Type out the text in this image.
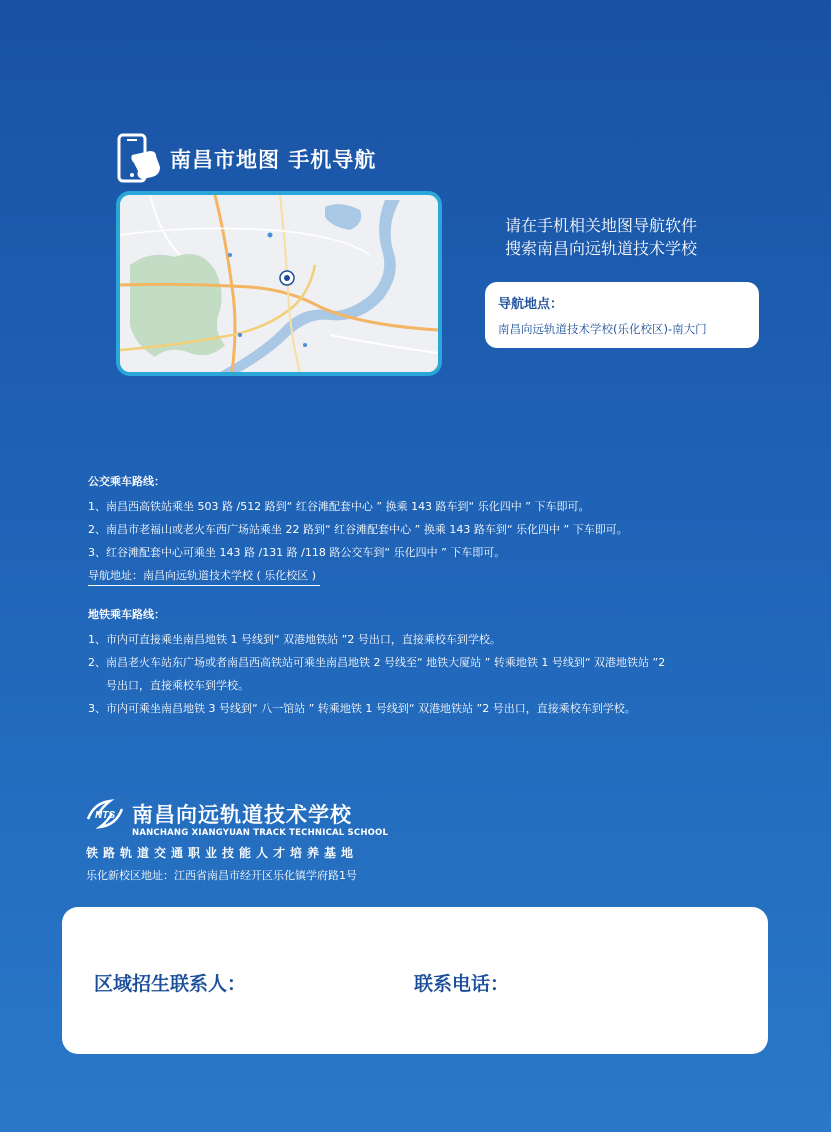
南昌市地图 手机导航
请在手机相关地图导航软件
搜索南昌向远轨道技术学校
导航地点：
南昌向远轨道技术学校(乐化校区)-南大门
公交乘车路线：
1、南昌西高铁站乘坐 503 路 /512 路到“ 红谷滩配套中心 ” 换乘 143 路车到“ 乐化四中 ” 下车即可。
2、南昌市老福山或老火车西广场站乘坐 22 路到“ 红谷滩配套中心 ” 换乘 143 路车到“ 乐化四中 ” 下车即可。
3、红谷滩配套中心可乘坐 143 路 /131 路 /118 路公交车到“ 乐化四中 ” 下车即可。
导航地址：南昌向远轨道技术学校 ( 乐化校区 )
地铁乘车路线：
1、市内可直接乘坐南昌地铁 1 号线到“ 双港地铁站 ”2 号出口，直接乘校车到学校。
2、南昌老火车站东广场或者南昌西高铁站可乘坐南昌地铁 2 号线至“ 地铁大厦站 ” 转乘地铁 1 号线到“ 双港地铁站 ”2
号出口，直接乘校车到学校。
3、市内可乘坐南昌地铁 3 号线到“ 八一馆站 ” 转乘地铁 1 号线到“ 双港地铁站 ”2 号出口，直接乘校车到学校。
NTS 南昌向远轨道技术学校
NANCHANG XIANGYUAN TRACK TECHNICAL SCHOOL
铁路轨道交通职业技能人才培养基地
乐化新校区地址：江西省南昌市经开区乐化镇学府路1号
区域招生联系人：	联系电话：
